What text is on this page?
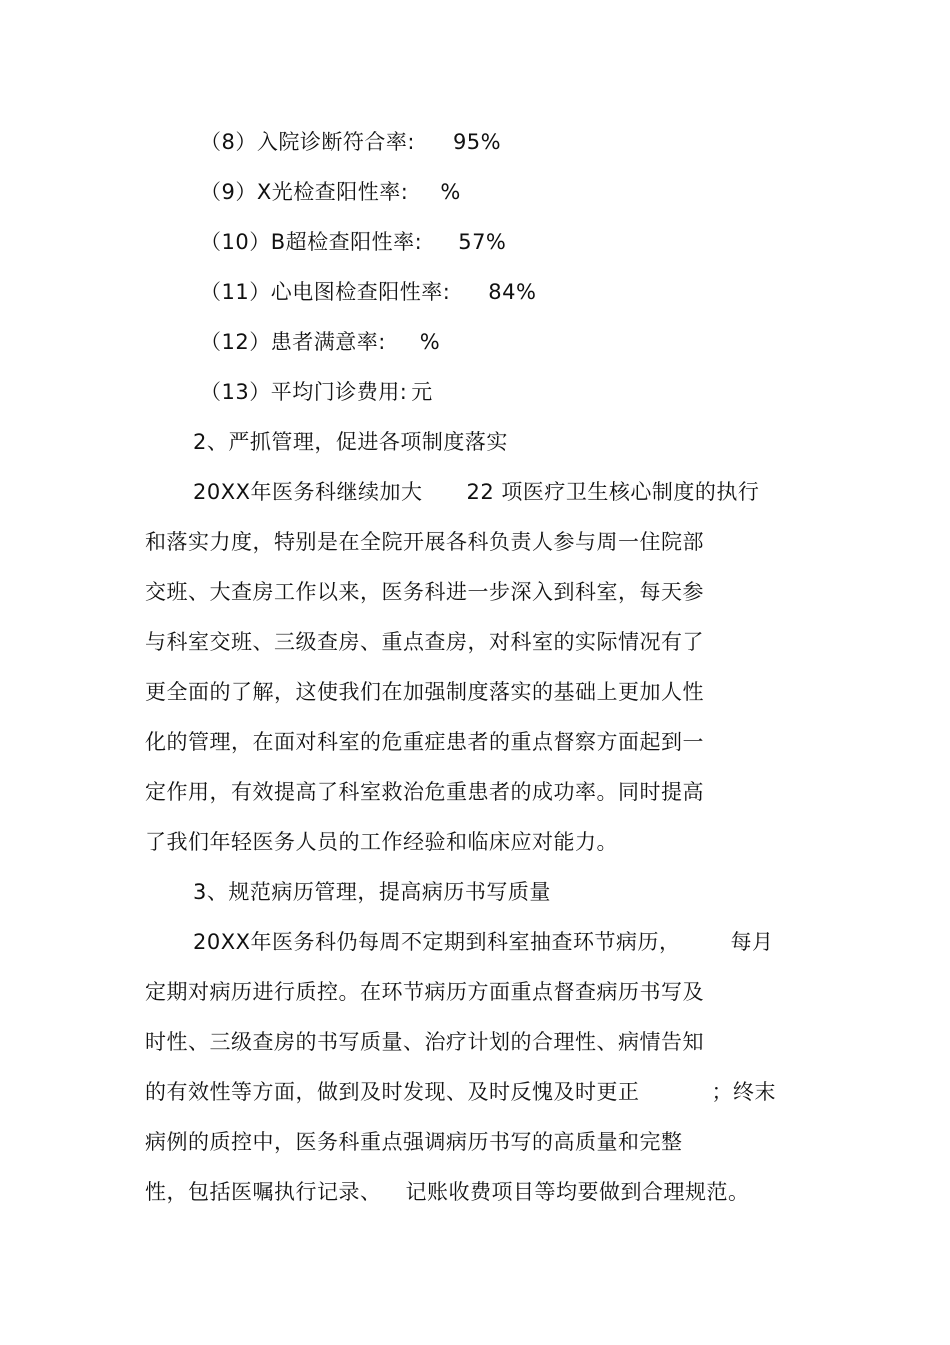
（8）入院诊断符合率: 95%
（9）X光检查阳性率: %
（10）B超检查阳性率: 57%
（11）心电图检查阳性率: 84%
（12）患者满意率: %
（13）平均门诊费用: 元
2、严抓管理，促进各项制度落实
20XX年医务科继续加大 22 项医疗卫生核心制度的执行
和落实力度，特别是在全院开展各科负责人参与周一住院部
交班、大查房工作以来，医务科进一步深入到科室，每天参
与科室交班、三级查房、重点查房，对科室的实际情况有了
更全面的了解，这使我们在加强制度落实的基础上更加人性
化的管理，在面对科室的危重症患者的重点督察方面起到一
定作用，有效提高了科室救治危重患者的成功率。同时提高
了我们年轻医务人员的工作经验和临床应对能力。
3、规范病历管理，提高病历书写质量
20XX年医务科仍每周不定期到科室抽查环节病历， 每月
定期对病历进行质控。在环节病历方面重点督查病历书写及
时性、三级查房的书写质量、治疗计划的合理性、病情告知
的有效性等方面，做到及时发现、及时反愧及时更正	；终末
病例的质控中，医务科重点强调病历书写的高质量和完整
性，包括医嘱执行记录、 记账收费项目等均要做到合理规范。
